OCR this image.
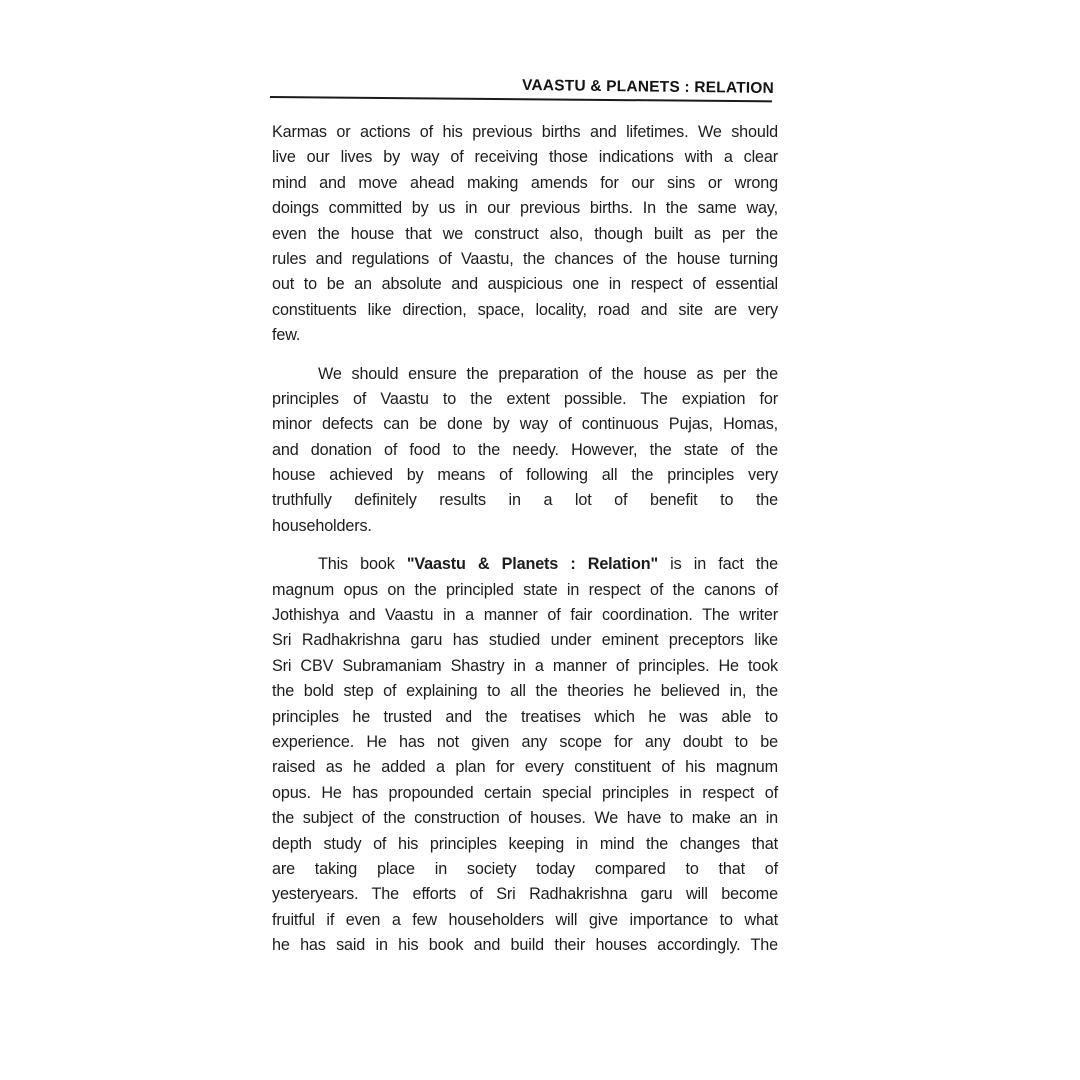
VAASTU & PLANETS : RELATION
Karmas or actions of his previous births and lifetimes. We should
live our lives by way of receiving those indications with a clear
mind and move ahead making amends for our sins or wrong
doings committed by us in our previous births. In the same way,
even the house that we construct also, though built as per the
rules and regulations of Vaastu, the chances of the house turning
out to be an absolute and auspicious one in respect of essential
constituents like direction, space, locality, road and site are very
few.
We should ensure the preparation of the house as per the
principles of Vaastu to the extent possible. The expiation for
minor defects can be done by way of continuous Pujas, Homas,
and donation of food to the needy. However, the state of the
house achieved by means of following all the principles very
truthfully definitely results in a lot of benefit to the
householders.
This book "Vaastu & Planets : Relation" is in fact the
magnum opus on the principled state in respect of the canons of
Jothishya and Vaastu in a manner of fair coordination. The writer
Sri Radhakrishna garu has studied under eminent preceptors like
Sri CBV Subramaniam Shastry in a manner of principles. He took
the bold step of explaining to all the theories he believed in, the
principles he trusted and the treatises which he was able to
experience. He has not given any scope for any doubt to be
raised as he added a plan for every constituent of his magnum
opus. He has propounded certain special principles in respect of
the subject of the construction of houses. We have to make an in
depth study of his principles keeping in mind the changes that
are taking place in society today compared to that of
yesteryears. The efforts of Sri Radhakrishna garu will become
fruitful if even a few householders will give importance to what
he has said in his book and build their houses accordingly. The
